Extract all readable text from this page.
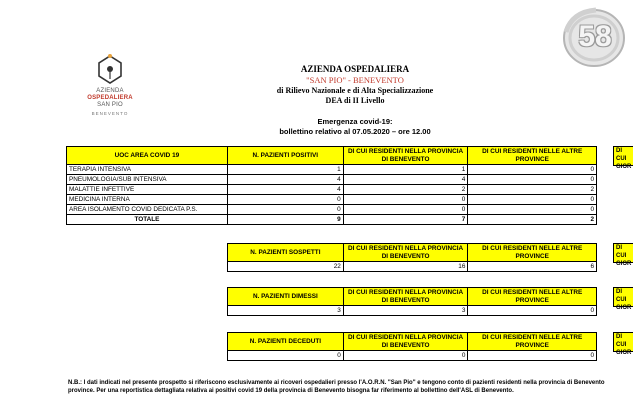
AZIENDA
OSPEDALIERA
SAN PIO
BENEVENTO
AZIENDA OSPEDALIERA
"SAN PIO" - BENEVENTO
di Rilievo Nazionale e di Alta Specializzazione
DEA di II Livello
Emergenza covid-19:
bollettino relativo al 07.05.2020 – ore 12.00
UOC AREA COVID 19	N. PAZIENTI POSITIVI	DI CUI RESIDENTI NELLA PROVINCIA DI BENEVENTO	DI CUI RESIDENTI NELLE ALTRE PROVINCE
TERAPIA INTENSIVA	1	1	0
PNEUMOLOGIA/SUB INTENSIVA	4	4	0
MALATTIE INFETTIVE	4	2	2
MEDICINA INTERNA	0	0	0
AREA ISOLAMENTO COVID DEDICATA P.S.	0	0	0
TOTALE	9	7	2
DI CUI GIOR
N. PAZIENTI SOSPETTI	DI CUI RESIDENTI NELLA PROVINCIA DI BENEVENTO	DI CUI RESIDENTI NELLE ALTRE PROVINCE
22	16	6
DI CUI GIOR
N. PAZIENTI DIMESSI	DI CUI RESIDENTI NELLA PROVINCIA DI BENEVENTO	DI CUI RESIDENTI NELLE ALTRE PROVINCE
3	3	0
DI CUI GIOR
N. PAZIENTI DECEDUTI	DI CUI RESIDENTI NELLA PROVINCIA DI BENEVENTO	DI CUI RESIDENTI NELLE ALTRE PROVINCE
0	0	0
DI CUI GIOR
N.B.: I dati indicati nel presente prospetto si riferiscono esclusivamente ai ricoveri ospedalieri presso l'A.O.R.N. "San Pio" e tengono conto di pazienti residenti nella provincia di Benevento
province. Per una reportistica dettagliata relativa ai positivi covid 19 della provincia di Benevento bisogna far riferimento al bollettino dell'ASL di Benevento.
58
